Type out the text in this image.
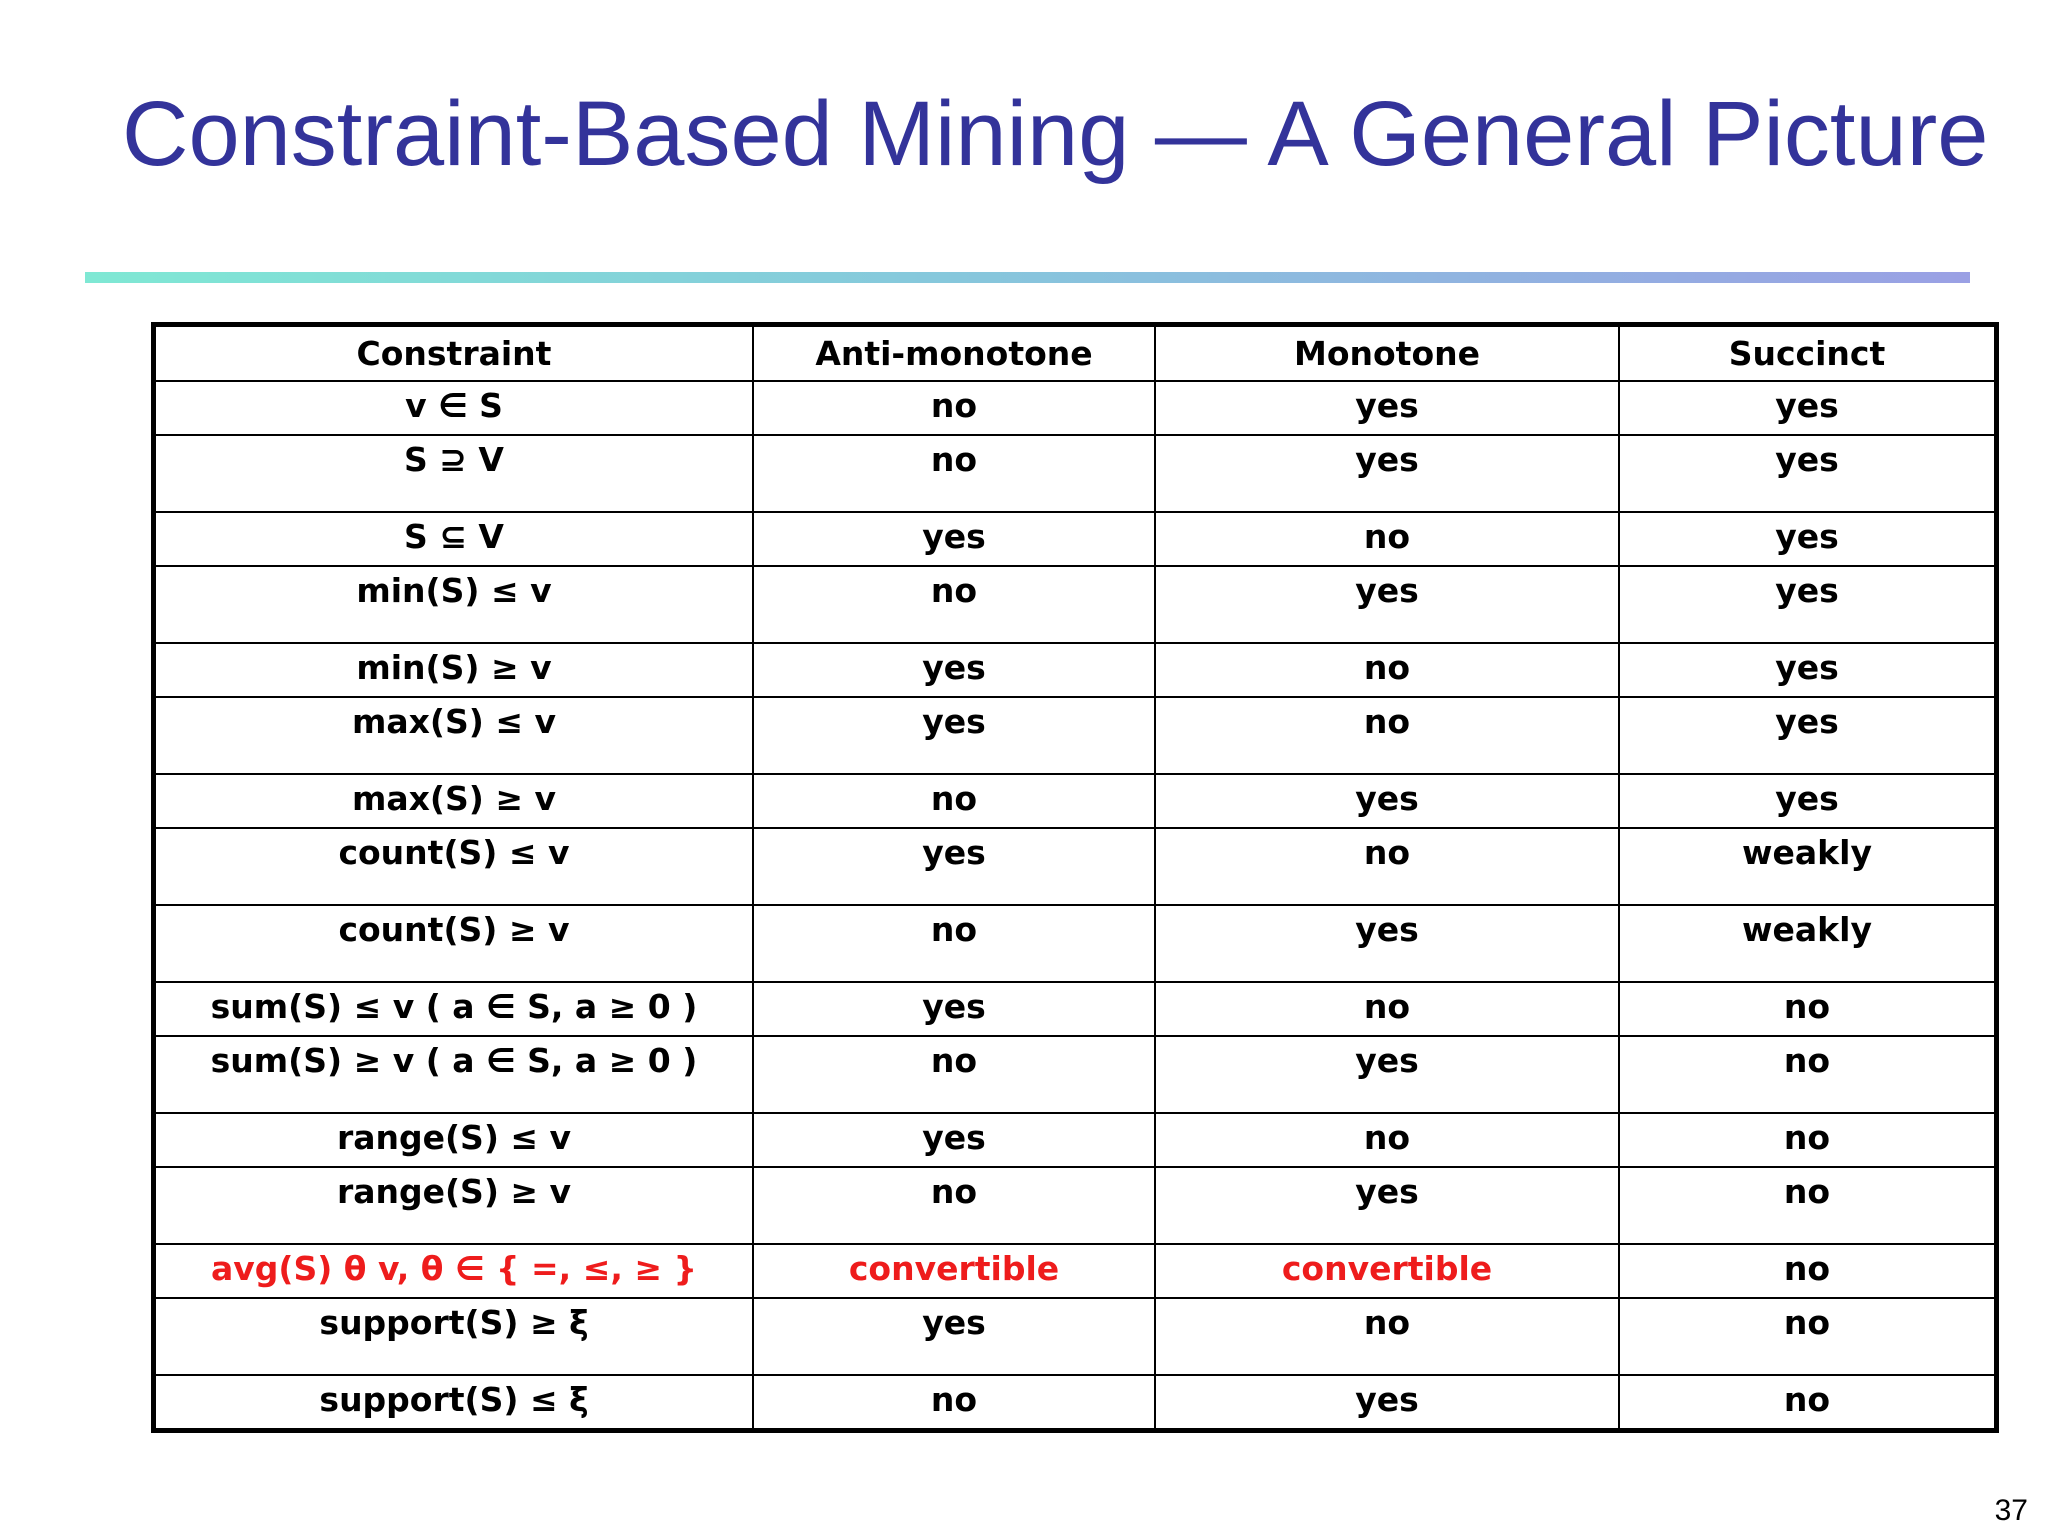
Constraint-Based Mining — A General Picture
Constraint	Anti-monotone	Monotone	Succinct
v ∈ S	no	yes	yes
S ⊇ V	no	yes	yes
S ⊆ V	yes	no	yes
min(S) ≤ v	no	yes	yes
min(S) ≥ v	yes	no	yes
max(S) ≤ v	yes	no	yes
max(S) ≥ v	no	yes	yes
count(S) ≤ v	yes	no	weakly
count(S) ≥ v	no	yes	weakly
sum(S) ≤ v ( a ∈ S, a ≥ 0 )	yes	no	no
sum(S) ≥ v ( a ∈ S, a ≥ 0 )	no	yes	no
range(S) ≤ v	yes	no	no
range(S) ≥ v	no	yes	no
avg(S) θ v, θ ∈ { =, ≤, ≥ }	convertible	convertible	no
support(S) ≥ ξ	yes	no	no
support(S) ≤ ξ	no	yes	no
37
